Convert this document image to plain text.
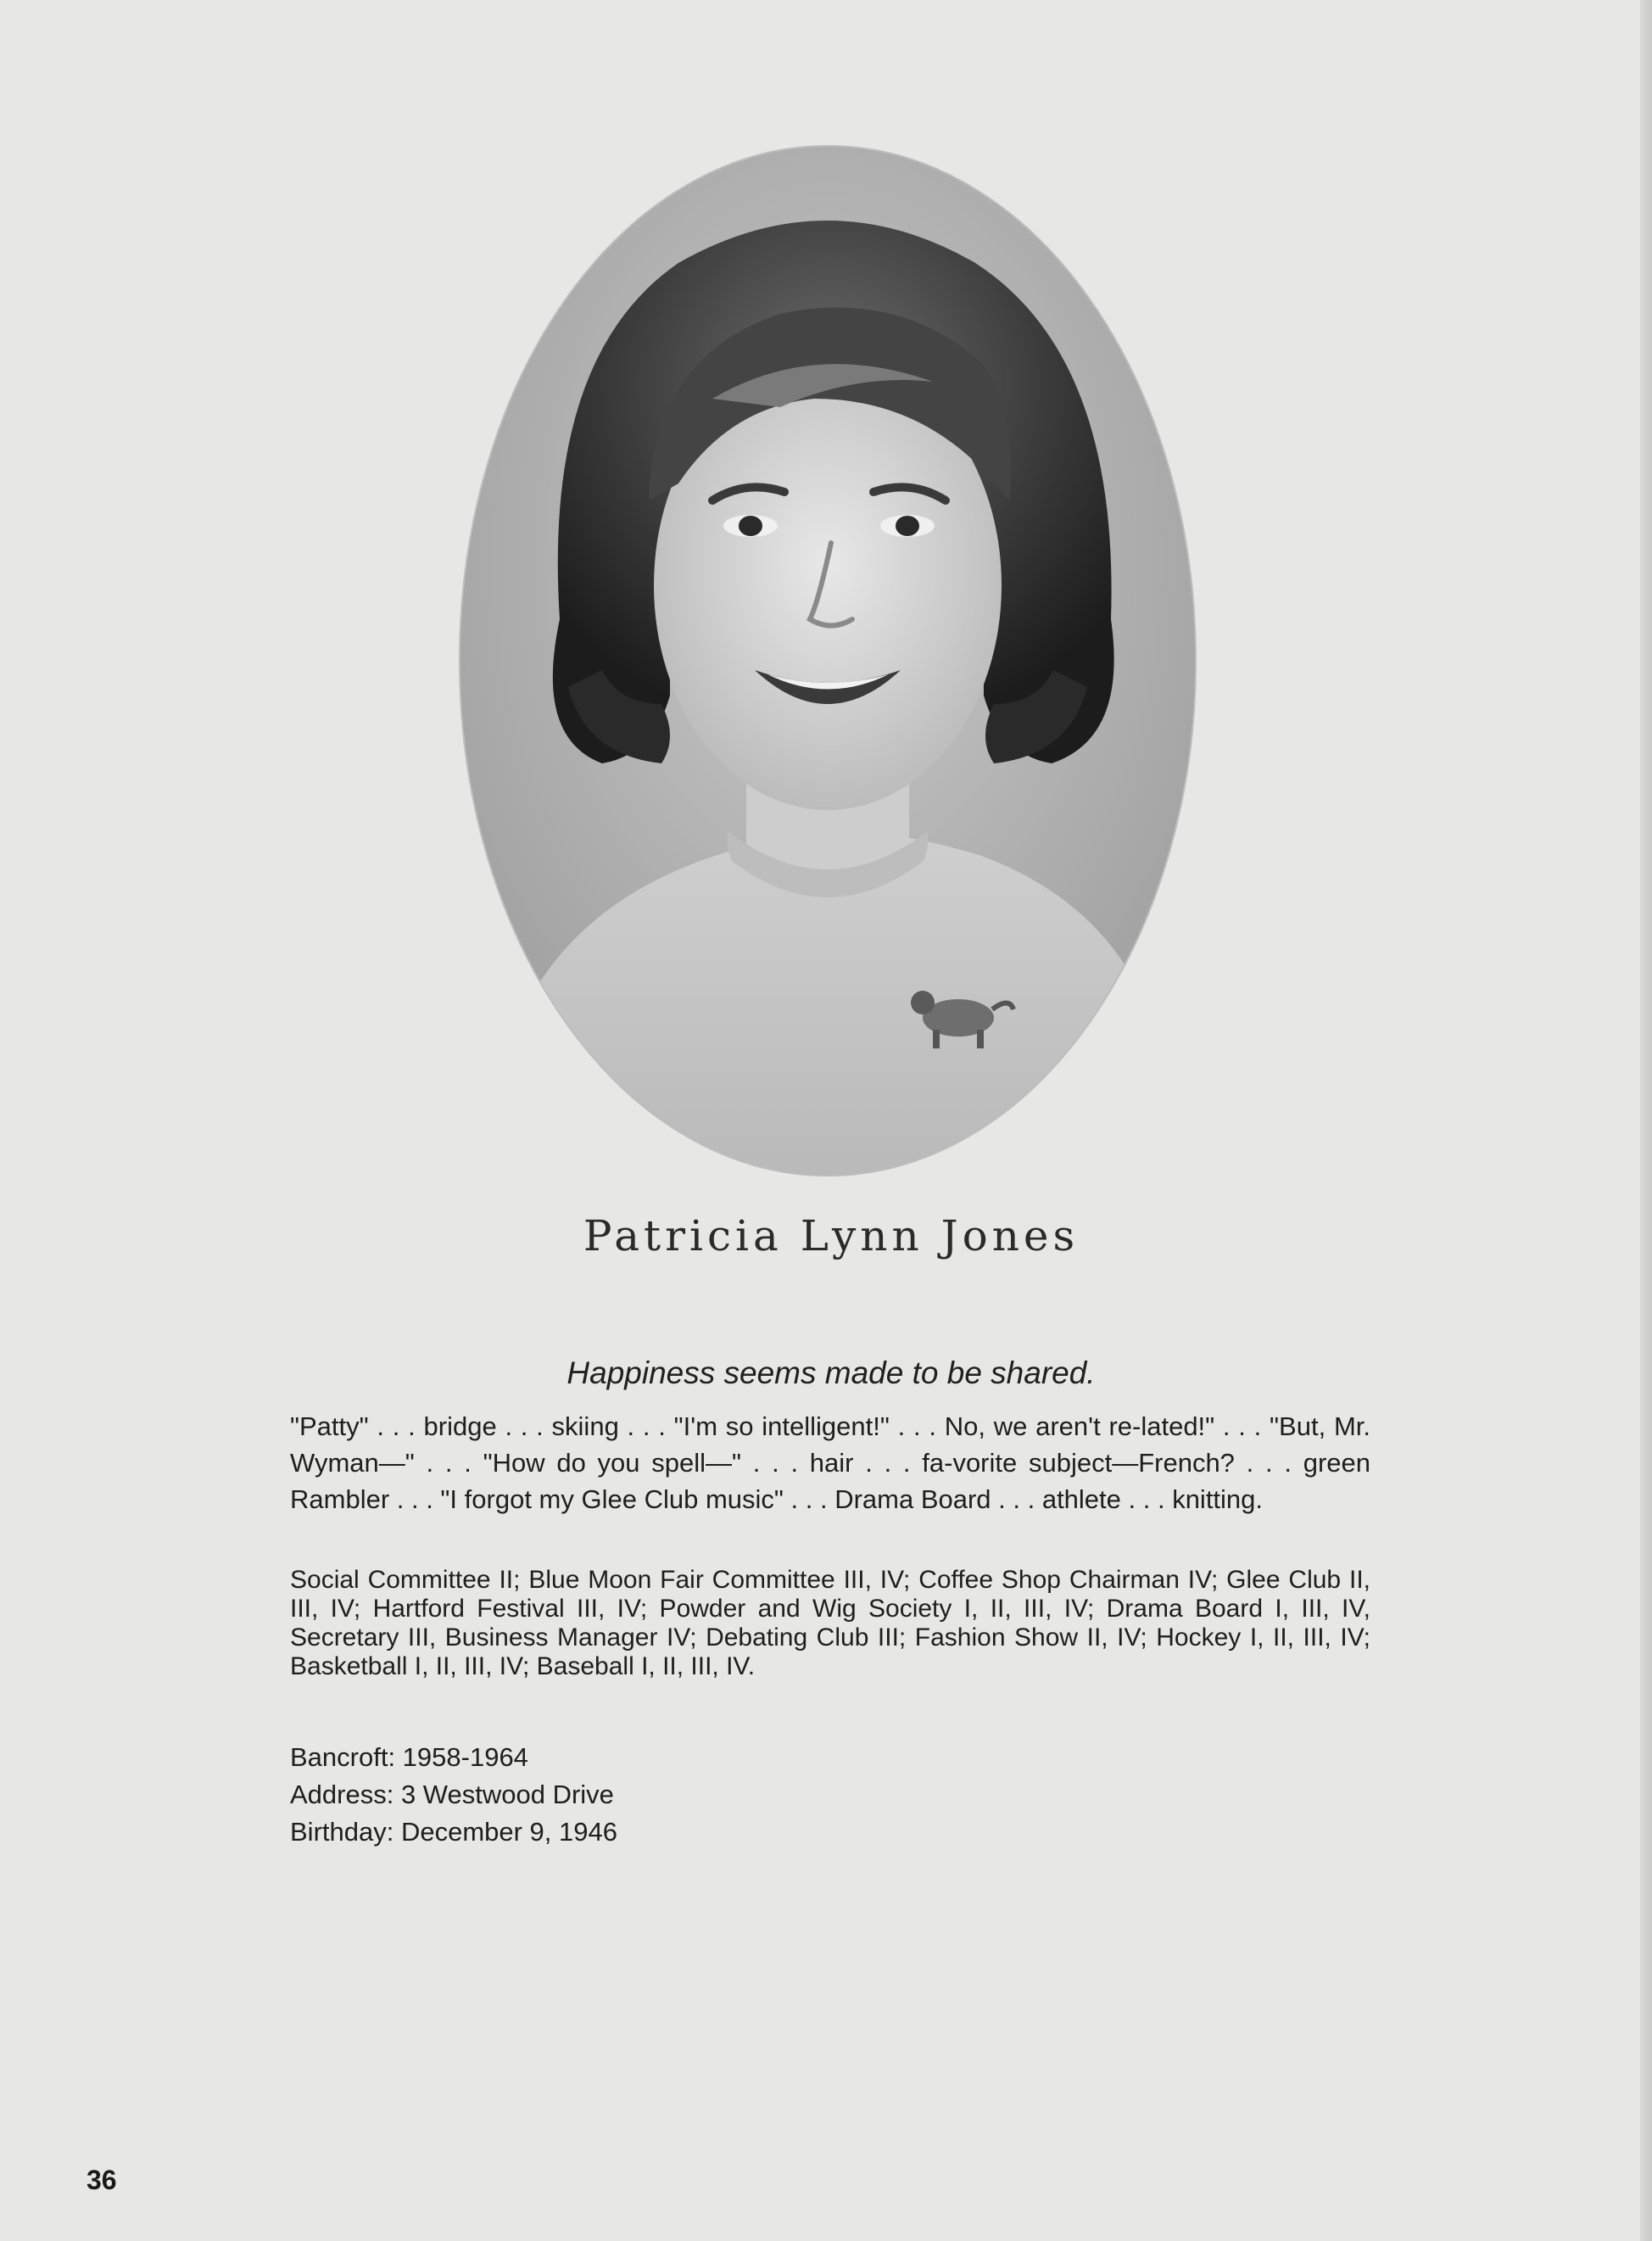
Patricia Lynn Jones
Happiness seems made to be shared.
"Patty" . . . bridge . . . skiing . . . "I'm so intelligent!" . . . No, we aren't re-lated!" . . . "But, Mr. Wyman—" . . . "How do you spell—" . . . hair . . . fa-vorite subject—French? . . . green Rambler . . . "I forgot my Glee Club music" . . . Drama Board . . . athlete . . . knitting.
Social Committee II; Blue Moon Fair Committee III, IV; Coffee Shop Chairman IV; Glee Club II, III, IV; Hartford Festival III, IV; Powder and Wig Society I, II, III, IV; Drama Board I, III, IV, Secretary III, Business Manager IV; Debating Club III; Fashion Show II, IV; Hockey I, II, III, IV; Basketball I, II, III, IV; Baseball I, II, III, IV.
Bancroft: 1958-1964
Address: 3 Westwood Drive
Birthday: December 9, 1946
36
